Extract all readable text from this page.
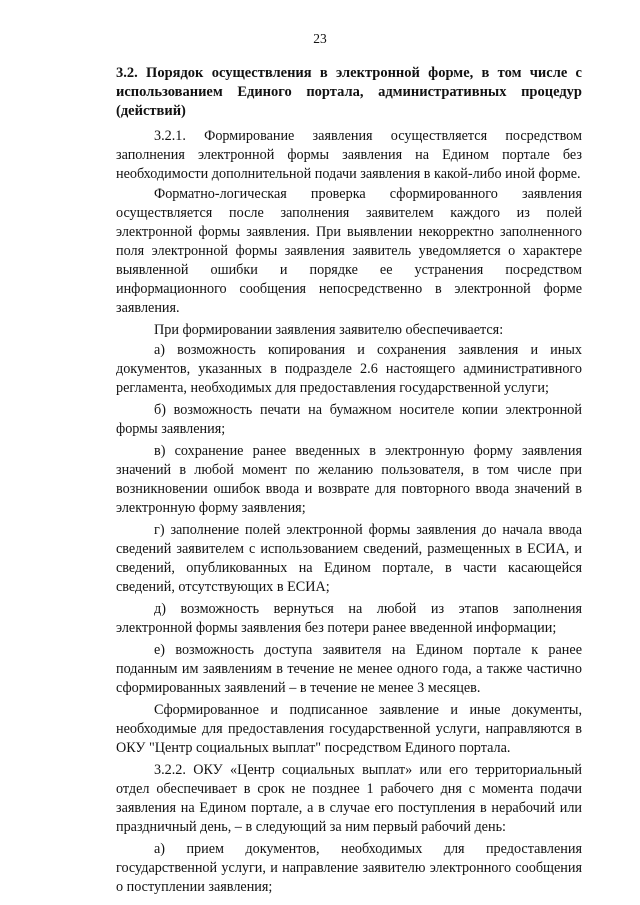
23
3.2. Порядок осуществления в электронной форме, в том числе с использованием Единого портала, административных процедур (действий)

3.2.1. Формирование заявления осуществляется посредством заполнения электронной формы заявления на Едином портале без необходимости дополнительной подачи заявления в какой-либо иной форме.

Форматно-логическая проверка сформированного заявления осуществляется после заполнения заявителем каждого из полей электронной формы заявления. При выявлении некорректно заполненного поля электронной формы заявления заявитель уведомляется о характере выявленной ошибки и порядке ее устранения посредством информационного сообщения непосредственно в электронной форме заявления.

При формировании заявления заявителю обеспечивается:

а) возможность копирования и сохранения заявления и иных документов, указанных в подразделе 2.6 настоящего административного регламента, необходимых для предоставления государственной услуги;

б) возможность печати на бумажном носителе копии электронной формы заявления;

в) сохранение ранее введенных в электронную форму заявления значений в любой момент по желанию пользователя, в том числе при возникновении ошибок ввода и возврате для повторного ввода значений в электронную форму заявления;

г) заполнение полей электронной формы заявления до начала ввода сведений заявителем с использованием сведений, размещенных в ЕСИА, и сведений, опубликованных на Едином портале, в части касающейся сведений, отсутствующих в ЕСИА;

д) возможность вернуться на любой из этапов заполнения электронной формы заявления без потери ранее введенной информации;

е) возможность доступа заявителя на Едином портале к ранее поданным им заявлениям в течение не менее одного года, а также частично сформированных заявлений – в течение не менее 3 месяцев.

Сформированное и подписанное заявление и иные документы, необходимые для предоставления государственной услуги, направляются в ОКУ "Центр социальных выплат" посредством Единого портала.

3.2.2. ОКУ «Центр социальных выплат» или его территориальный отдел обеспечивает в срок не позднее 1 рабочего дня с момента подачи заявления на Едином портале, а в случае его поступления в нерабочий или праздничный день, – в следующий за ним первый рабочий день:

а) прием документов, необходимых для предоставления государственной услуги, и направление заявителю электронного сообщения о поступлении заявления;
